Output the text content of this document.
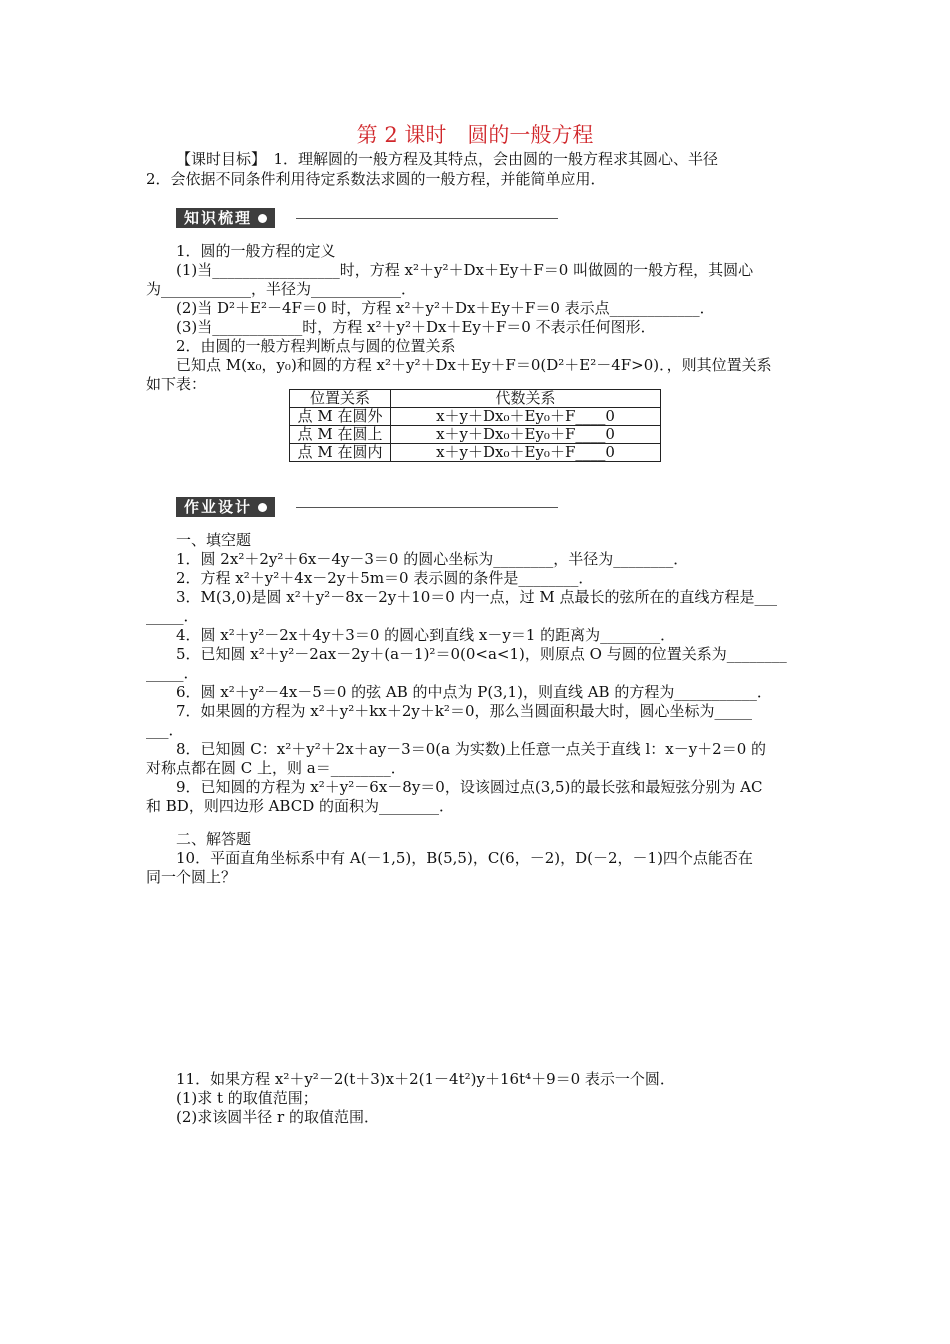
第 2 课时　圆的一般方程
【课时目标】　1．理解圆的一般方程及其特点，会由圆的一般方程求其圆心、半径
2．会依据不同条件利用待定系数法求圆的一般方程，并能简单应用．
知识梳理
1．圆的一般方程的定义
(1)当_________________时，方程 x²＋y²＋Dx＋Ey＋F＝0 叫做圆的一般方程，其圆心
为____________，半径为____________．
(2)当 D²＋E²－4F＝0 时，方程 x²＋y²＋Dx＋Ey＋F＝0 表示点____________．
(3)当____________时，方程 x²＋y²＋Dx＋Ey＋F＝0 不表示任何图形．
2．由圆的一般方程判断点与圆的位置关系
已知点 M(x₀，y₀)和圆的方程 x²＋y²＋Dx＋Ey＋F＝0(D²＋E²－4F>0)．，则其位置关系
如下表：
位置关系	代数关系
点 M 在圆外	x＋y＋Dx₀＋Ey₀＋F____0
点 M 在圆上	x＋y＋Dx₀＋Ey₀＋F____0
点 M 在圆内	x＋y＋Dx₀＋Ey₀＋F____0
作业设计
一、填空题
1．圆 2x²＋2y²＋6x－4y－3＝0 的圆心坐标为________，半径为________．
2．方程 x²＋y²＋4x－2y＋5m＝0 表示圆的条件是________．
3．M(3,0)是圆 x²＋y²－8x－2y＋10＝0 内一点，过 M 点最长的弦所在的直线方程是___
_____．
4．圆 x²＋y²－2x＋4y＋3＝0 的圆心到直线 x－y＝1 的距离为________．
5．已知圆 x²＋y²－2ax－2y＋(a－1)²＝0(0<a<1)，则原点 O 与圆的位置关系为________
_____．
6．圆 x²＋y²－4x－5＝0 的弦 AB 的中点为 P(3,1)，则直线 AB 的方程为___________．
7．如果圆的方程为 x²＋y²＋kx＋2y＋k²＝0，那么当圆面积最大时，圆心坐标为_____
___．
8．已知圆 C：x²＋y²＋2x＋ay－3＝0(a 为实数)上任意一点关于直线 l：x－y＋2＝0 的
对称点都在圆 C 上，则 a＝________．
9．已知圆的方程为 x²＋y²－6x－8y＝0，设该圆过点(3,5)的最长弦和最短弦分别为 AC
和 BD，则四边形 ABCD 的面积为________．
二、解答题
10．平面直角坐标系中有 A(－1,5)，B(5,5)，C(6，－2)，D(－2，－1)四个点能否在
同一个圆上？
11．如果方程 x²＋y²－2(t＋3)x＋2(1－4t²)y＋16t⁴＋9＝0 表示一个圆．
(1)求 t 的取值范围；
(2)求该圆半径 r 的取值范围．
